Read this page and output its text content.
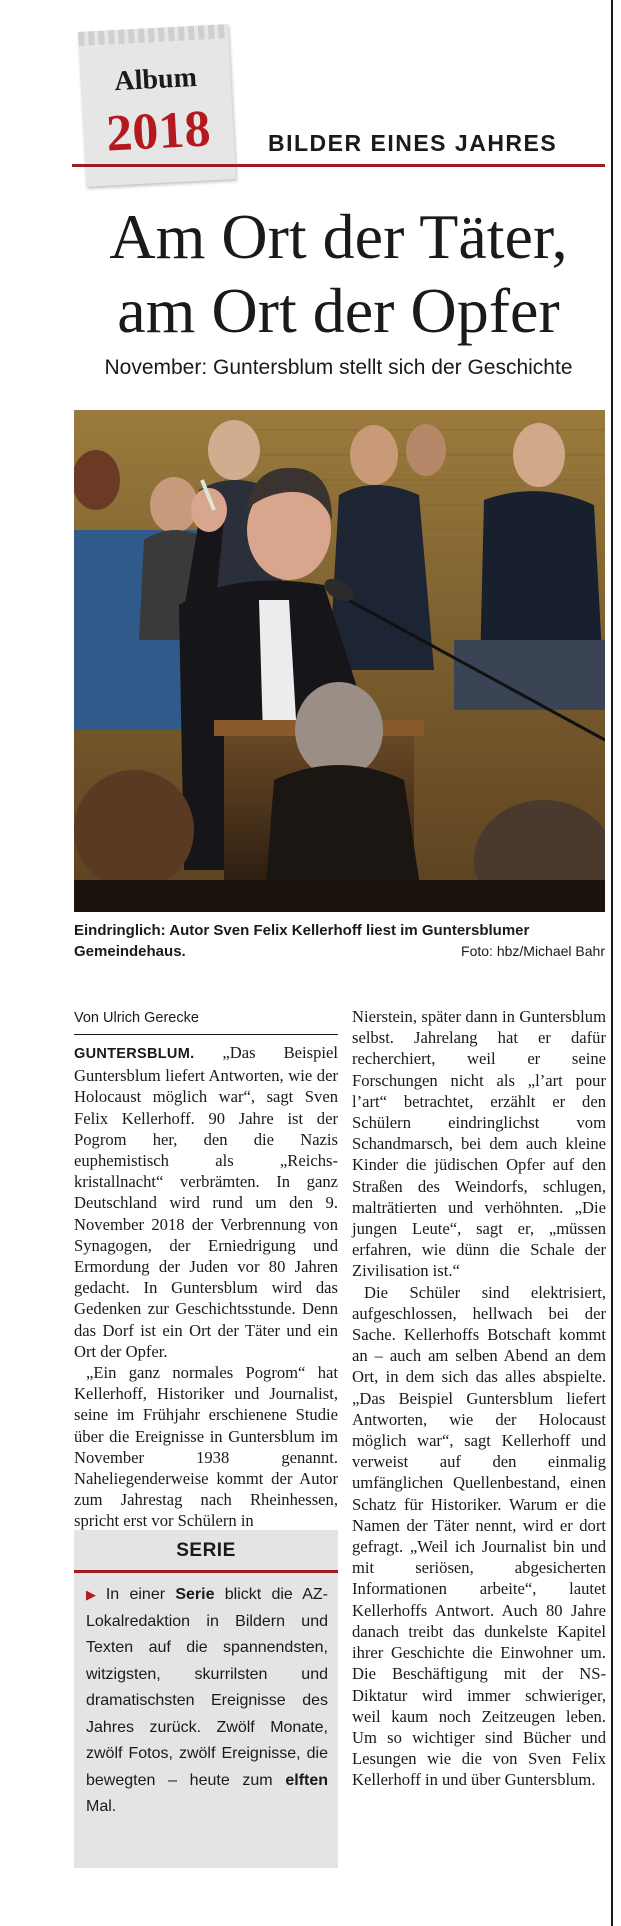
Album
2018	BILDER EINES JAHRES
Am Ort der Täter,
am Ort der Opfer
November: Guntersblum stellt sich der Geschichte
Eindringlich: Autor Sven Felix Kellerhoff liest im Guntersblumer Gemeindehaus.	Foto: hbz/Michael Bahr
Von Ulrich Gerecke

GUNTERSBLUM. „Das Beispiel Guntersblum liefert Antworten, wie der Holocaust möglich war“, sagt Sven Felix Kellerhoff. 90 Jahre ist der Pogrom her, den die Nazis euphemistisch als „Reichs-kristallnacht“ verbrämten. In ganz Deutschland wird rund um den 9. November 2018 der Verbrennung von Synagogen, der Erniedrigung und Ermordung der Juden vor 80 Jahren gedacht. In Guntersblum wird das Gedenken zur Geschichtsstunde. Denn das Dorf ist ein Ort der Täter und ein Ort der Opfer.

„Ein ganz normales Pogrom“ hat Kellerhoff, Historiker und Journalist, seine im Frühjahr erschienene Studie über die Ereignisse in Guntersblum im November 1938 genannt. Naheliegenderweise kommt der Autor zum Jahrestag nach Rheinhessen, spricht erst vor Schülern in

SERIE
▶ In einer Serie blickt die AZ-Lokalredaktion in Bildern und Texten auf die spannendsten, witzigsten, skurrilsten und dramatischsten Ereignisse des Jahres zurück. Zwölf Monate, zwölf Fotos, zwölf Ereignisse, die bewegten – heute zum elften Mal.

Nierstein, später dann in Guntersblum selbst. Jahrelang hat er dafür recherchiert, weil er seine Forschungen nicht als „l’art pour l’art“ betrachtet, erzählt er den Schülern eindringlichst vom Schandmarsch, bei dem auch kleine Kinder die jüdischen Opfer auf den Straßen des Weindorfs, schlugen, malträtierten und verhöhnten. „Die jungen Leute“, sagt er, „müssen erfahren, wie dünn die Schale der Zivilisation ist.“

Die Schüler sind elektrisiert, aufgeschlossen, hellwach bei der Sache. Kellerhoffs Botschaft kommt an – auch am selben Abend an dem Ort, in dem sich das alles abspielte. „Das Beispiel Guntersblum liefert Antworten, wie der Holocaust möglich war“, sagt Kellerhoff und verweist auf den einmalig umfänglichen Quellenbestand, einen Schatz für Historiker. Warum er die Namen der Täter nennt, wird er dort gefragt. „Weil ich Journalist bin und mit seriösen, abgesicherten Informationen arbeite“, lautet Kellerhoffs Antwort. Auch 80 Jahre danach treibt das dunkelste Kapitel ihrer Geschichte die Einwohner um. Die Beschäftigung mit der NS-Diktatur wird immer schwieriger, weil kaum noch Zeitzeugen leben. Um so wichtiger sind Bücher und Lesungen wie die von Sven Felix Kellerhoff in und über Guntersblum.
